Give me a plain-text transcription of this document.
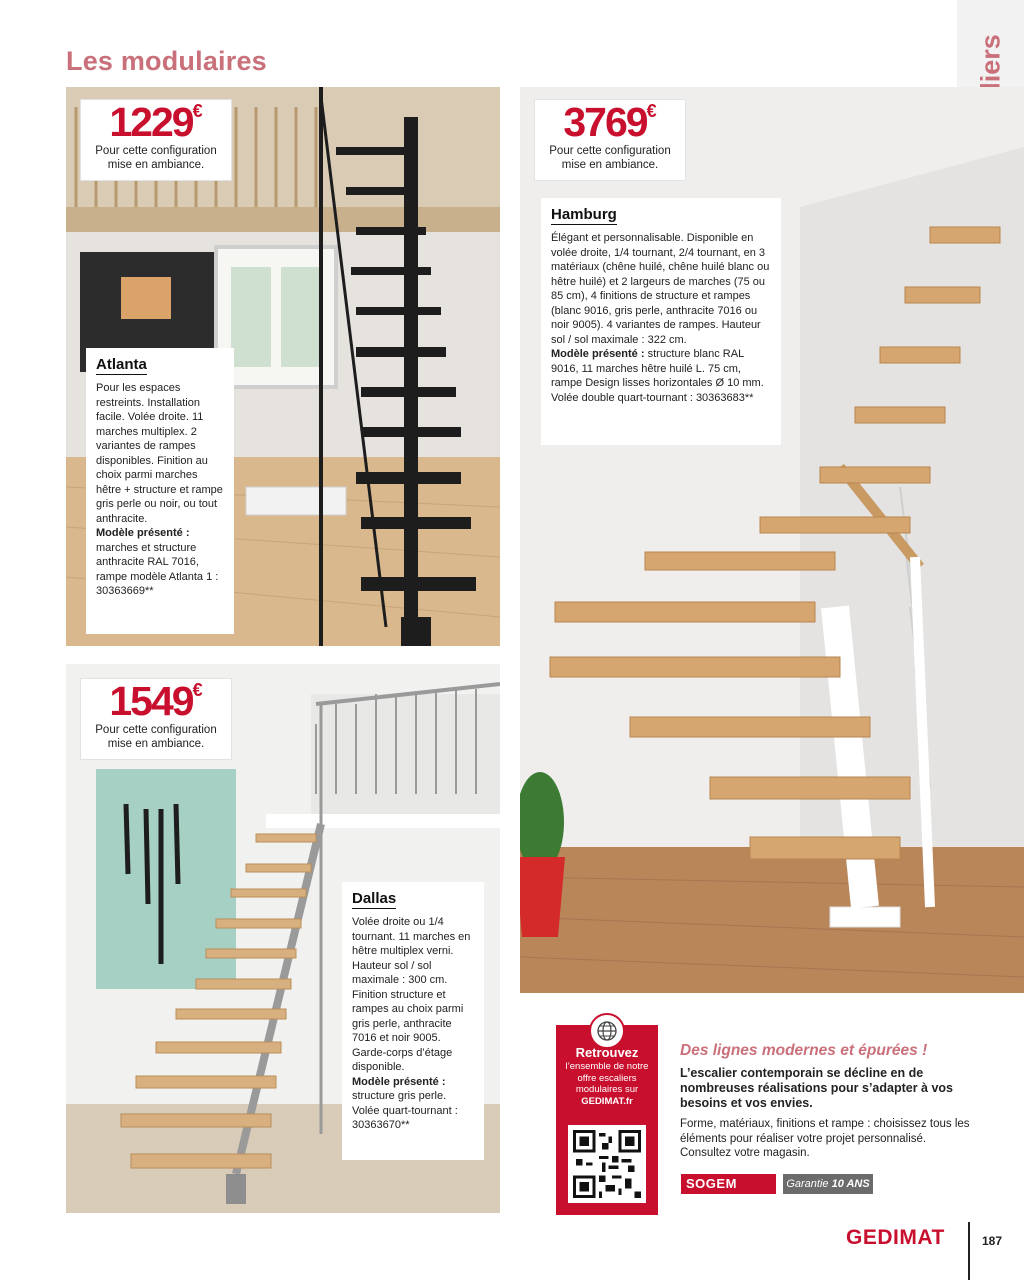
Les modulaires
1229€
Pour cette configuration
mise en ambiance.
3769€
Pour cette configuration
mise en ambiance.
1549€
Pour cette configuration
mise en ambiance.
Atlanta
Pour les espaces restreints. Installation facile. Volée droite. 11 marches multiplex. 2 variantes de rampes disponibles. Finition au choix parmi marches hêtre + structure et rampe gris perle ou noir, ou tout anthracite.
Modèle présenté :
marches et structure anthracite RAL 7016, rampe modèle Atlanta 1 : 30363669**
Hamburg
Élégant et personnalisable. Disponible en volée droite, 1/4 tournant, 2/4 tournant, en 3 matériaux (chêne huilé, chêne huilé blanc ou hêtre huilé) et 2 largeurs de marches (75 ou 85 cm), 4 finitions de structure et rampes (blanc 9016, gris perle, anthracite 7016 ou noir 9005). 4 variantes de rampes. Hauteur sol / sol maximale : 322 cm.
Modèle présenté : structure blanc RAL 9016, 11 marches hêtre huilé L. 75 cm, rampe Design lisses horizontales Ø 10 mm. Volée double quart-tournant : 30363683**
Dallas
Volée droite ou 1/4 tournant. 11 marches en hêtre multiplex verni. Hauteur sol / sol maximale : 300 cm. Finition structure et rampes au choix parmi gris perle, anthracite 7016 et noir 9005. Garde-corps d’étage disponible.
Modèle présenté :
structure gris perle. Volée quart-tournant : 30363670**
Retrouvez
l’ensemble de notre offre escaliers modulaires sur
GEDIMAT.fr
Des lignes modernes et épurées !
L’escalier contemporain se décline en de nombreuses réalisations pour s’adapter à vos besoins et vos envies.
Forme, matériaux, finitions et rampe : choisissez tous les éléments pour réaliser votre projet personnalisé. Consultez votre magasin.
SOGEM	Garantie 10 ANS
GEDIMAT	187
